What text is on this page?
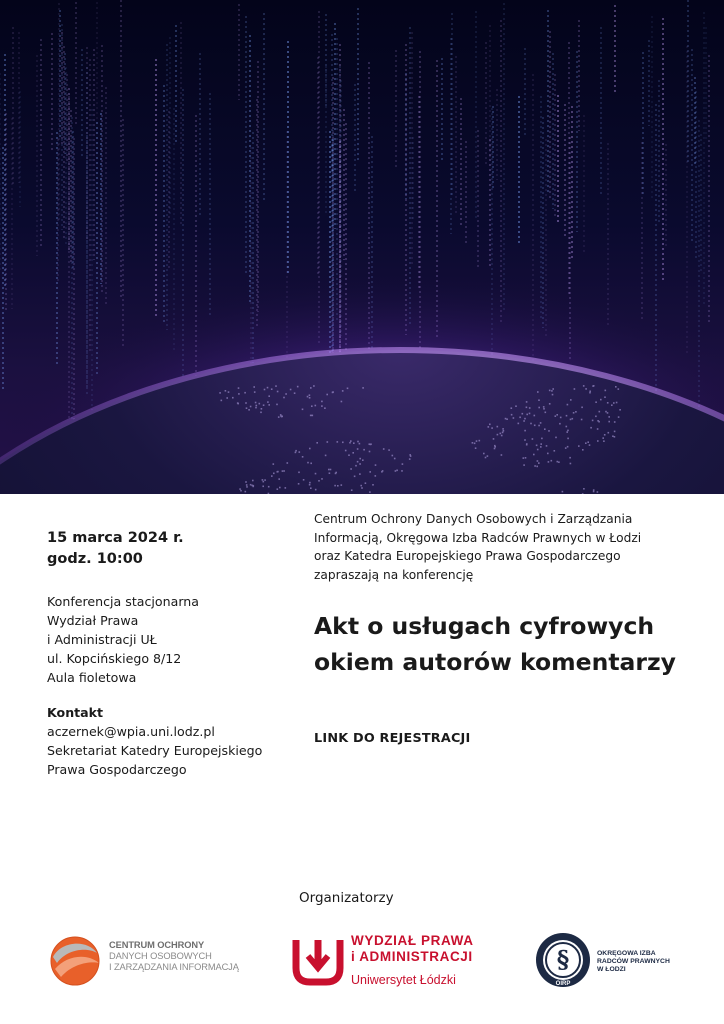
15 marca 2024 r.
godz. 10:00
Konferencja stacjonarna
Wydział Prawa
i Administracji UŁ
ul. Kopcińskiego 8/12
Aula fioletowa
Kontakt
aczernek@wpia.uni.lodz.pl
Sekretariat Katedry Europejskiego
Prawa Gospodarczego
Centrum Ochrony Danych Osobowych i Zarządzania
Informacją, Okręgowa Izba Radców Prawnych w Łodzi
oraz Katedra Europejskiego Prawa Gospodarczego
zapraszają na konferencję
Akt o usługach cyfrowych
okiem autorów komentarzy
LINK DO REJESTRACJI
Organizatorzy
CENTRUM OCHRONY
DANYCH OSOBOWYCH
I ZARZĄDZANIA INFORMACJĄ
WYDZIAŁ PRAWA
i ADMINISTRACJI
Uniwersytet Łódzki
§
OIRP
OKRĘGOWA IZBA
RADCÓW PRAWNYCH
W ŁODZI
